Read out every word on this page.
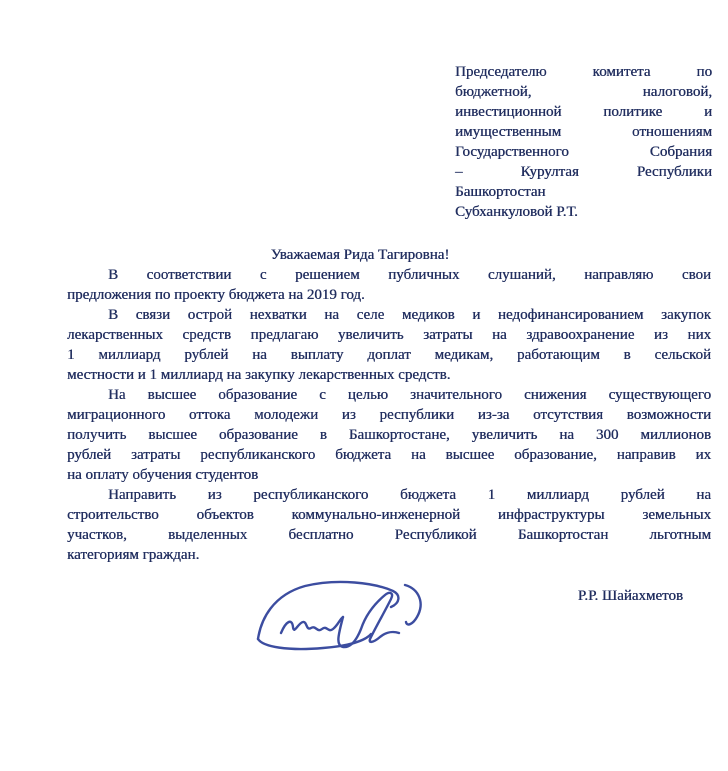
Председателю комитета по
бюджетной, налоговой,
инвестиционной политике и
имущественным отношениям
Государственного Собрания
– Курултая Республики
Башкортостан
Субханкуловой Р.Т.
Уважаемая Рида Тагировна!
В соответствии с решением публичных слушаний, направляю свои
предложения по проекту бюджета на 2019 год.
В связи острой нехватки на селе медиков и недофинансированием закупок
лекарственных средств предлагаю увеличить затраты на здравоохранение из них
1 миллиард рублей на выплату доплат медикам, работающим в сельской
местности и 1 миллиард на закупку лекарственных средств.
На высшее образование с целью значительного снижения существующего
миграционного оттока молодежи из республики из-за отсутствия возможности
получить высшее образование в Башкортостане, увеличить на 300 миллионов
рублей затраты республиканского бюджета на высшее образование, направив их
на оплату обучения студентов
Направить из республиканского бюджета 1 миллиард рублей на
строительство объектов коммунально-инженерной инфраструктуры земельных
участков, выделенных бесплатно Республикой Башкортостан льготным
категориям граждан.
Р.Р. Шайахметов
